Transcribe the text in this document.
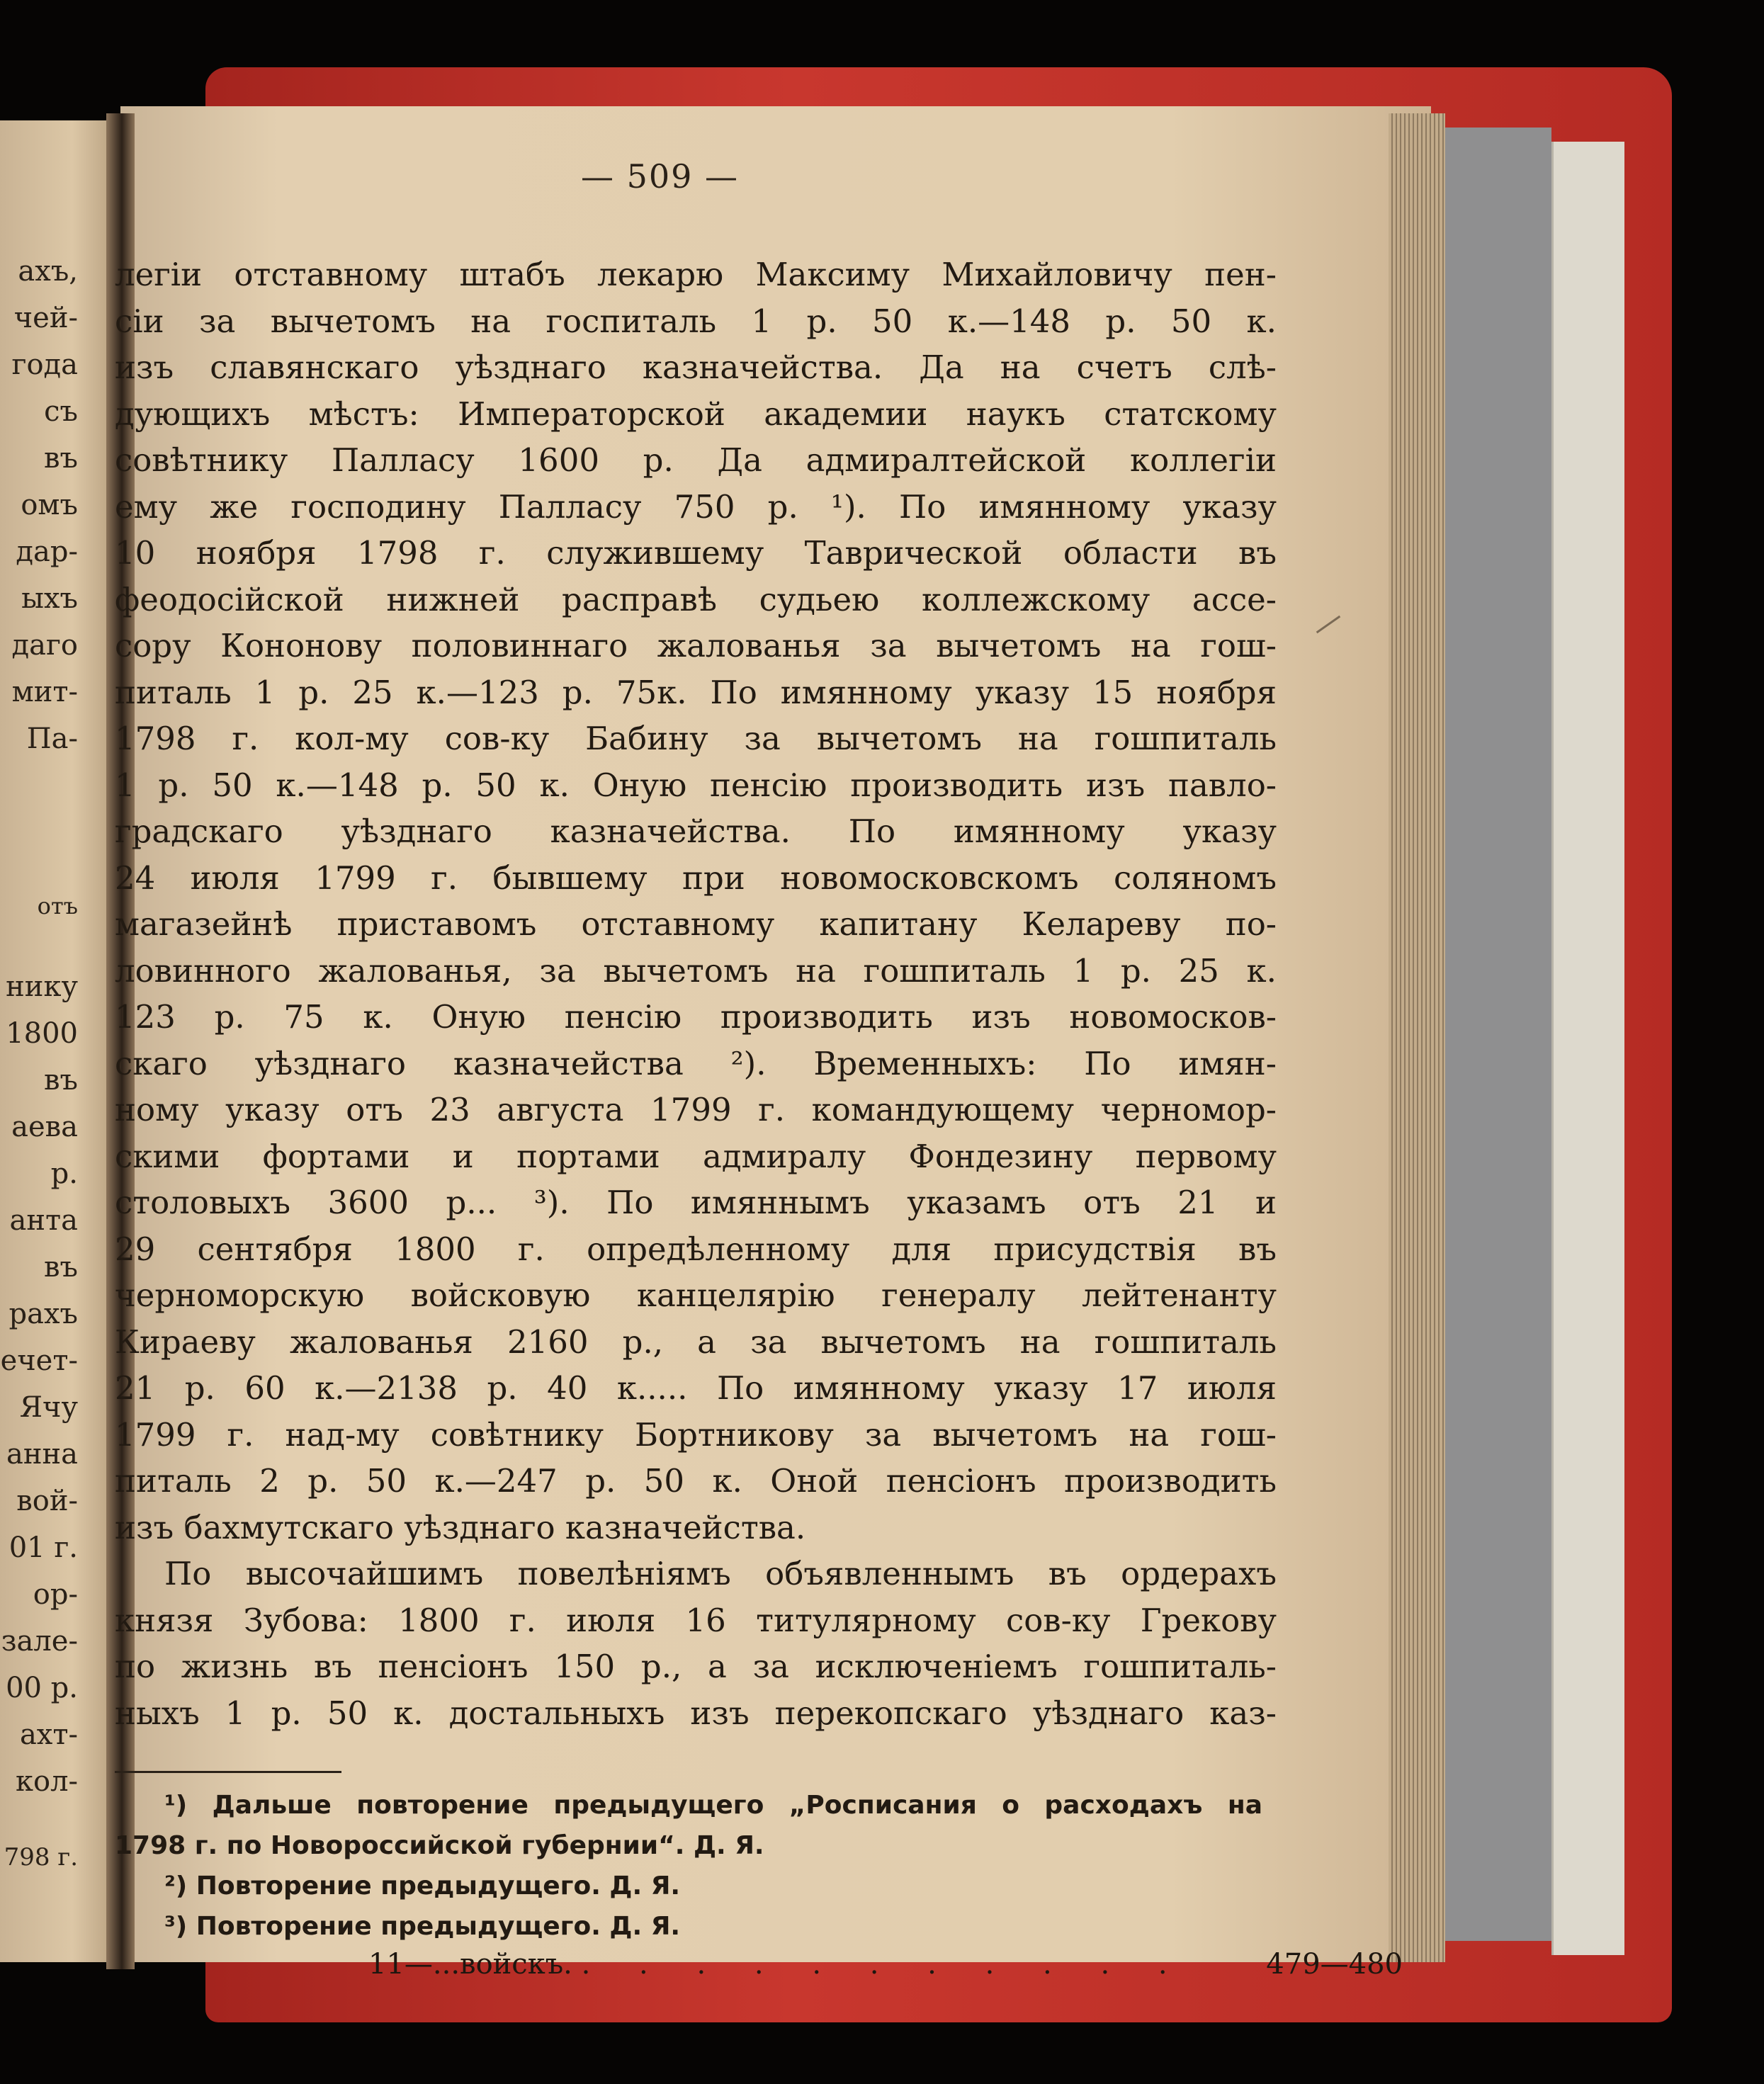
ахъ,
чей-
года
съ
въ
омъ
дар-
ыхъ
даго
мит-
Па-
отъ
нику
1800
въ
аева
р.
анта
въ
рахъ
ечет-
Ячу
анна
вой-
01 г.
ор-
зале-
00 р.
ахт-
кол-
798 г.
— 509 —
легіи отставному штабъ лекарю Максиму Михайловичу пен-
сіи за вычетомъ на госпиталь 1 р. 50 к.—148 р. 50 к.
изъ славянскаго уѣзднаго казначейства. Да на счетъ слѣ-
дующихъ мѣстъ: Императорской академии наукъ статскому
совѣтнику Палласу 1600 р. Да адмиралтейской коллегіи
ему же господину Палласу 750 р. ¹). По имянному указу
10 ноября 1798 г. служившему Таврической области въ
феодосійской нижней расправѣ судьею коллежскому ассе-
сору Кононову половиннаго жалованья за вычетомъ на гош-
питаль 1 р. 25 к.—123 р. 75к. По имянному указу 15 ноября
1798 г. кол-му сов-ку Бабину за вычетомъ на гошпиталь
1 р. 50 к.—148 р. 50 к. Оную пенсію производить изъ павло-
градскаго уѣзднаго казначейства. По имянному указу
24 июля 1799 г. бывшему при новомосковскомъ соляномъ
магазейнѣ приставомъ отставному капитану Келареву по-
ловинного жалованья, за вычетомъ на гошпиталь 1 р. 25 к.
123 р. 75 к. Оную пенсію производить изъ новомосков-
скаго уѣзднаго казначейства ²). Временныхъ: По имян-
ному указу отъ 23 августа 1799 г. командующему черномор-
скими фортами и портами адмиралу Фондезину первому
столовыхъ 3600 р... ³). По имяннымъ указамъ отъ 21 и
29 сентября 1800 г. опредѣленному для присудствія въ
черноморскую войсковую канцелярію генералу лейтенанту
Кираеву жалованья 2160 р., а за вычетомъ на гошпиталь
21 р. 60 к.—2138 р. 40 к..... По имянному указу 17 июля
1799 г. над-му совѣтнику Бортникову за вычетомъ на гош-
питаль 2 р. 50 к.—247 р. 50 к. Оной пенсіонъ производить
изъ бахмутскаго уѣзднаго казначейства.
По высочайшимъ повелѣніямъ объявленнымъ въ ордерахъ
князя Зубова: 1800 г. июля 16 титулярному сов-ку Грекову
по жизнь въ пенсіонъ 150 р., а за исключеніемъ гошпиталь-
ныхъ 1 р. 50 к. достальныхъ изъ перекопскаго уѣзднаго каз-
¹) Дальше повторение предыдущего „Росписания о расходахъ на
1798 г. по Новороссийской губернии“. Д. Я.
²) Повторение предыдущего. Д. Я.
³) Повторение предыдущего. Д. Я.
11—...войскъ. . . . . . . . . . . .	479—480
